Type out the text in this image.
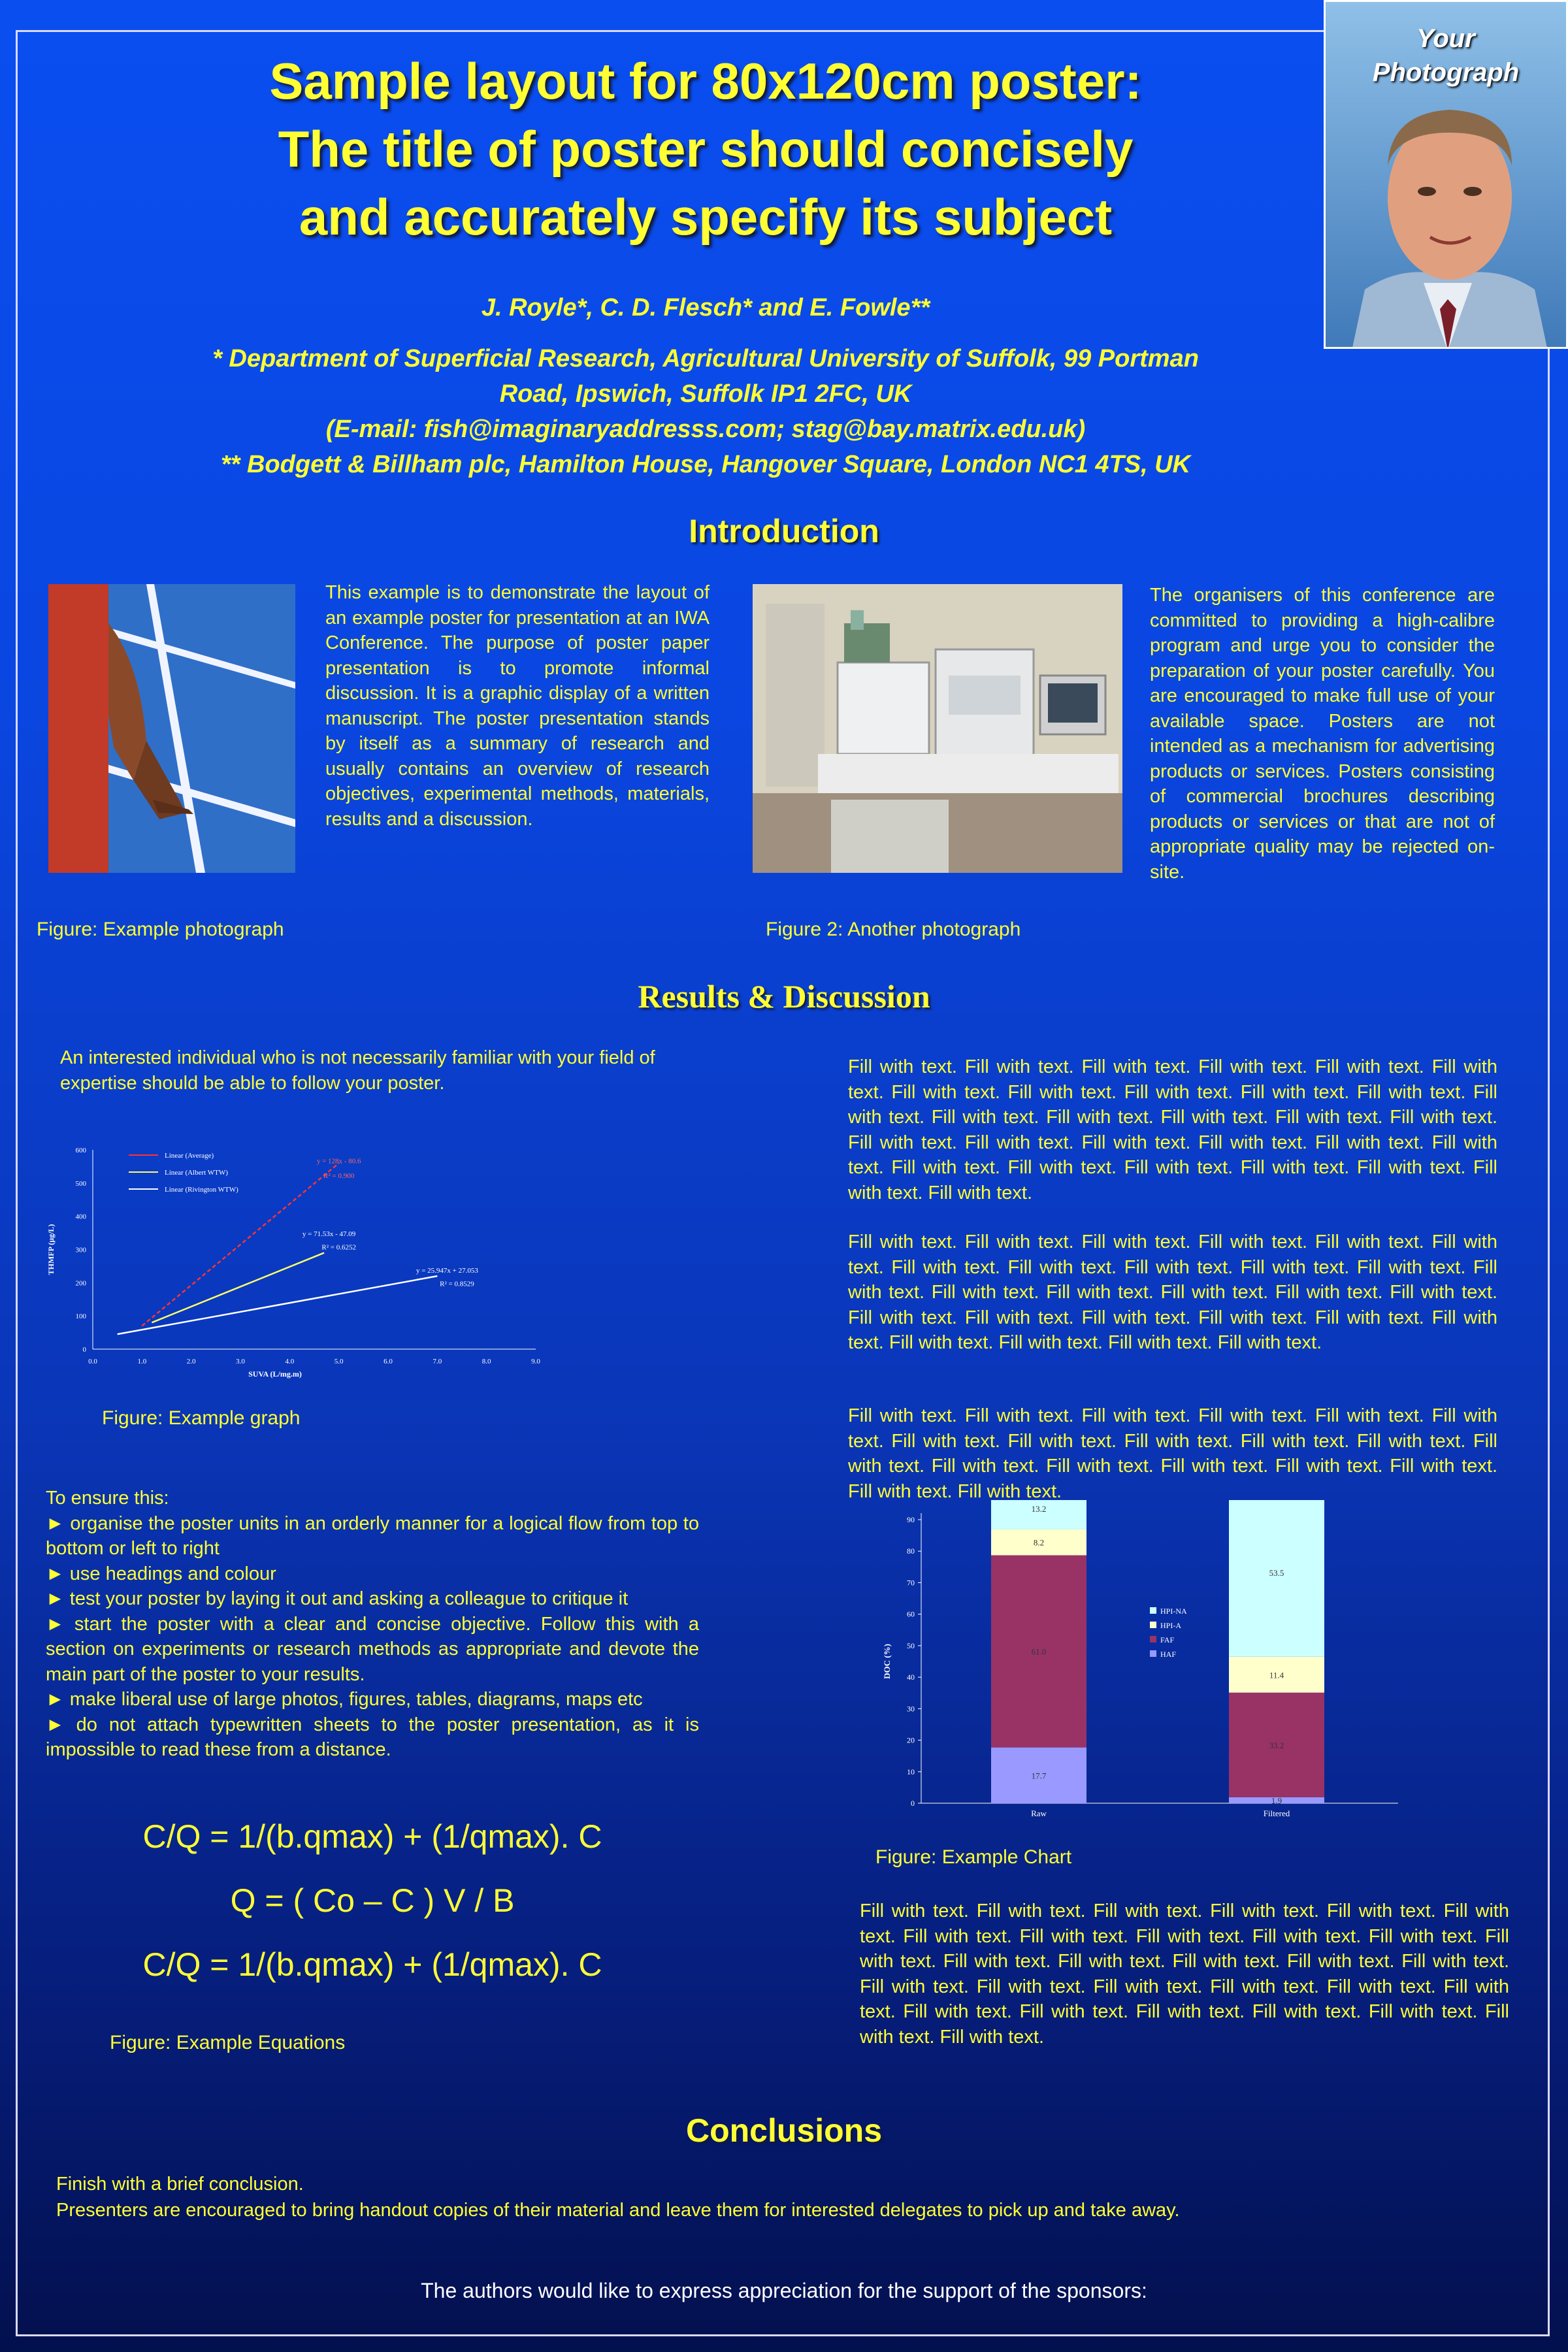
Sample layout for 80x120cm poster:
The title of poster should concisely
and accurately specify its subject
Your
Photograph
J. Royle*, C. D. Flesch* and E. Fowle**
* Department of Superficial Research, Agricultural University of Suffolk, 99 Portman
Road, Ipswich, Suffolk IP1 2FC, UK
(E-mail: fish@imaginaryaddresss.com; stag@bay.matrix.edu.uk)
** Bodgett & Billham plc, Hamilton House, Hangover Square, London NC1 4TS, UK
Introduction
This example is to demonstrate the layout of an example poster for presentation at an IWA Conference. The purpose of poster paper presentation is to promote informal discussion. It is a graphic display of a written manuscript. The poster presentation stands by itself as a summary of research and usually contains an overview of research objectives, experimental methods, materials, results and a discussion.
The organisers of this conference are committed to providing a high-calibre program and urge you to consider the preparation of your poster carefully. You are encouraged to make full use of your available space. Posters are not intended as a mechanism for advertising products or services. Posters consisting of commercial brochures describing products or services or that are not of appropriate quality may be rejected on-site.
Figure: Example photograph	Figure 2: Another photograph
Results & Discussion
An interested individual who is not necessarily familiar with your field of expertise should be able to follow your poster.
0.0	1.0	2.0	3.0	4.0	5.0	6.0	7.0	8.0	9.0
0
100
200
300
400
500
600
SUVA (L/mg.m)
THMFP (μg/L)
Linear (Average)
Linear (Albert WTW)
Linear (Rivington WTW)
y = 128x - 80.6
R² = 0.900
y = 71.53x - 47.09
R² = 0.6252
y = 25.947x + 27.053
R² = 0.8529
Figure: Example graph
To ensure this:
► organise the poster units in an orderly manner for a logical flow from top to bottom or left to right
► use headings and colour
► test your poster by laying it out and asking a colleague to critique it
► start the poster with a clear and concise objective. Follow this with a section on experiments or research methods as appropriate and devote the main part of the poster to your results.
► make liberal use of large photos, figures, tables, diagrams, maps etc
► do not attach typewritten sheets to the poster presentation, as it is impossible to read these from a distance.
C/Q = 1/(b.qmax) + (1/qmax). C
Q = ( Co – C ) V / B
C/Q = 1/(b.qmax) + (1/qmax). C
Figure: Example Equations
Fill with text. Fill with text. Fill with text. Fill with text. Fill with text. Fill with text. Fill with text. Fill with text. Fill with text. Fill with text. Fill with text. Fill with text. Fill with text. Fill with text. Fill with text. Fill with text. Fill with text. Fill with text. Fill with text. Fill with text. Fill with text. Fill with text. Fill with text. Fill with text. Fill with text. Fill with text. Fill with text. Fill with text. Fill with text. Fill with text.
Fill with text. Fill with text. Fill with text. Fill with text. Fill with text. Fill with text. Fill with text. Fill with text. Fill with text. Fill with text. Fill with text. Fill with text. Fill with text. Fill with text. Fill with text. Fill with text. Fill with text. Fill with text. Fill with text. Fill with text. Fill with text. Fill with text. Fill with text. Fill with text. Fill with text. Fill with text. Fill with text.
Fill with text. Fill with text. Fill with text. Fill with text. Fill with text. Fill with text. Fill with text. Fill with text. Fill with text. Fill with text. Fill with text. Fill with text. Fill with text. Fill with text. Fill with text. Fill with text. Fill with text. Fill with text. Fill with text.
0
10
20
30
40
50
60
70
80
90
DOC (%)
17.7
61.0
8.2
13.2
Raw
1.9
33.2
11.4
53.5
Filtered
HPI-NA
HPI-A
FAF
HAF
Figure: Example Chart
Fill with text. Fill with text. Fill with text. Fill with text. Fill with text. Fill with text. Fill with text. Fill with text. Fill with text. Fill with text. Fill with text. Fill with text. Fill with text. Fill with text. Fill with text. Fill with text. Fill with text. Fill with text. Fill with text. Fill with text. Fill with text. Fill with text. Fill with text. Fill with text. Fill with text. Fill with text. Fill with text. Fill with text. Fill with text. Fill with text.
Conclusions
Finish with a brief conclusion.
Presenters are encouraged to bring handout copies of their material and leave them for interested delegates to pick up and take away.
The authors would like to express appreciation for the support of the sponsors:
